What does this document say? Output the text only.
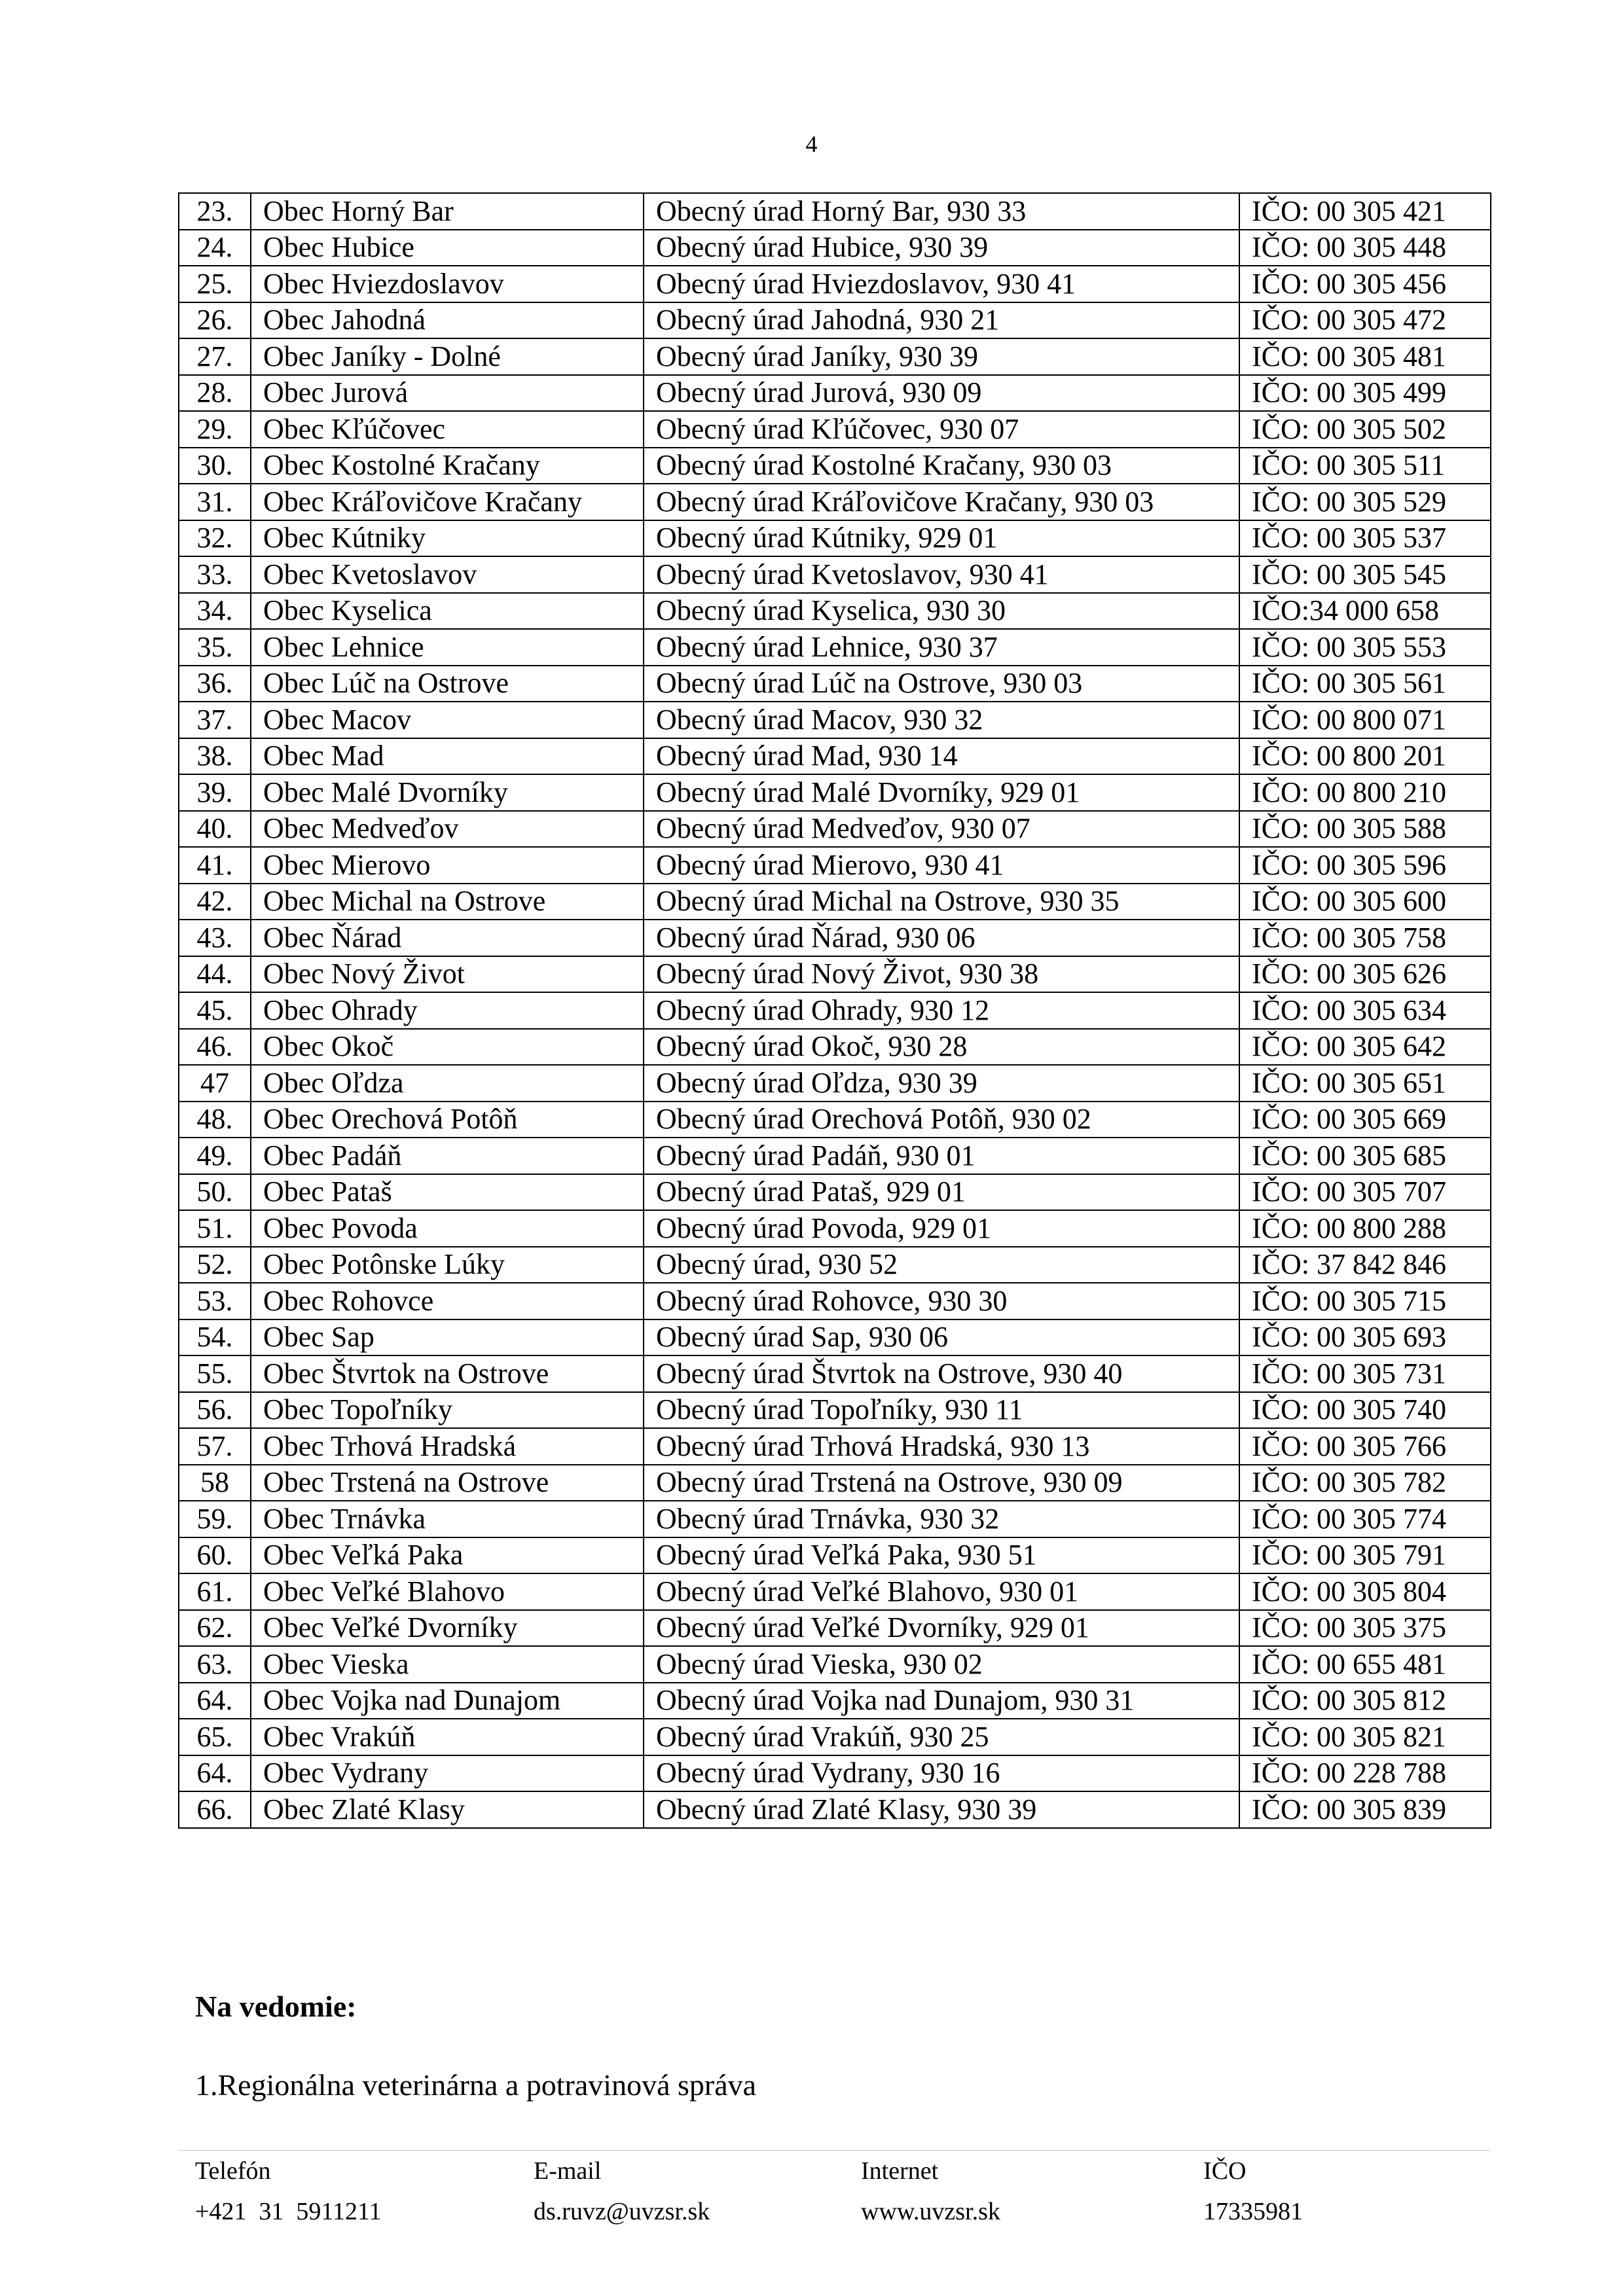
4
23.	Obec Horný Bar	Obecný úrad Horný Bar, 930 33	IČO: 00 305 421
24.	Obec Hubice	Obecný úrad Hubice, 930 39	IČO: 00 305 448
25.	Obec Hviezdoslavov	Obecný úrad Hviezdoslavov, 930 41	IČO: 00 305 456
26.	Obec Jahodná	Obecný úrad Jahodná, 930 21	IČO: 00 305 472
27.	Obec Janíky - Dolné	Obecný úrad Janíky, 930 39	IČO: 00 305 481
28.	Obec Jurová	Obecný úrad Jurová, 930 09	IČO: 00 305 499
29.	Obec Kľúčovec	Obecný úrad Kľúčovec, 930 07	IČO: 00 305 502
30.	Obec Kostolné Kračany	Obecný úrad Kostolné Kračany, 930 03	IČO: 00 305 511
31.	Obec Kráľovičove Kračany	Obecný úrad Kráľovičove Kračany, 930 03	IČO: 00 305 529
32.	Obec Kútniky	Obecný úrad Kútniky, 929 01	IČO: 00 305 537
33.	Obec Kvetoslavov	Obecný úrad Kvetoslavov, 930 41	IČO: 00 305 545
34.	Obec Kyselica	Obecný úrad Kyselica, 930 30	IČO:34 000 658
35.	Obec Lehnice	Obecný úrad Lehnice, 930 37	IČO: 00 305 553
36.	Obec Lúč na Ostrove	Obecný úrad Lúč na Ostrove, 930 03	IČO: 00 305 561
37.	Obec Macov	Obecný úrad Macov, 930 32	IČO: 00 800 071
38.	Obec Mad	Obecný úrad Mad, 930 14	IČO: 00 800 201
39.	Obec Malé Dvorníky	Obecný úrad Malé Dvorníky, 929 01	IČO: 00 800 210
40.	Obec Medveďov	Obecný úrad Medveďov, 930 07	IČO: 00 305 588
41.	Obec Mierovo	Obecný úrad Mierovo, 930 41	IČO: 00 305 596
42.	Obec Michal na Ostrove	Obecný úrad Michal na Ostrove, 930 35	IČO: 00 305 600
43.	Obec Ňárad	Obecný úrad Ňárad, 930 06	IČO: 00 305 758
44.	Obec Nový Život	Obecný úrad Nový Život, 930 38	IČO: 00 305 626
45.	Obec Ohrady	Obecný úrad Ohrady, 930 12	IČO: 00 305 634
46.	Obec Okoč	Obecný úrad Okoč, 930 28	IČO: 00 305 642
47	Obec Oľdza	Obecný úrad Oľdza, 930 39	IČO: 00 305 651
48.	Obec Orechová Potôň	Obecný úrad Orechová Potôň, 930 02	IČO: 00 305 669
49.	Obec Padáň	Obecný úrad Padáň, 930 01	IČO: 00 305 685
50.	Obec Pataš	Obecný úrad Pataš, 929 01	IČO: 00 305 707
51.	Obec Povoda	Obecný úrad Povoda, 929 01	IČO: 00 800 288
52.	Obec Potônske Lúky	Obecný úrad, 930 52	IČO: 37 842 846
53.	Obec Rohovce	Obecný úrad Rohovce, 930 30	IČO: 00 305 715
54.	Obec Sap	Obecný úrad Sap, 930 06	IČO: 00 305 693
55.	Obec Štvrtok na Ostrove	Obecný úrad Štvrtok na Ostrove, 930 40	IČO: 00 305 731
56.	Obec Topoľníky	Obecný úrad Topoľníky, 930 11	IČO: 00 305 740
57.	Obec Trhová Hradská	Obecný úrad Trhová Hradská, 930 13	IČO: 00 305 766
58	Obec Trstená na Ostrove	Obecný úrad Trstená na Ostrove, 930 09	IČO: 00 305 782
59.	Obec Trnávka	Obecný úrad Trnávka, 930 32	IČO: 00 305 774
60.	Obec Veľká Paka	Obecný úrad Veľká Paka, 930 51	IČO: 00 305 791
61.	Obec Veľké Blahovo	Obecný úrad Veľké Blahovo, 930 01	IČO: 00 305 804
62.	Obec Veľké Dvorníky	Obecný úrad Veľké Dvorníky, 929 01	IČO: 00 305 375
63.	Obec Vieska	Obecný úrad Vieska, 930 02	IČO: 00 655 481
64.	Obec Vojka nad Dunajom	Obecný úrad Vojka nad Dunajom, 930 31	IČO: 00 305 812
65.	Obec Vrakúň	Obecný úrad Vrakúň, 930 25	IČO: 00 305 821
64.	Obec Vydrany	Obecný úrad Vydrany, 930 16	IČO: 00 228 788
66.	Obec Zlaté Klasy	Obecný úrad Zlaté Klasy, 930 39	IČO: 00 305 839
Na vedomie:
1.Regionálna veterinárna a potravinová správa
Telefón
+421  31  5911211
E-mail
ds.ruvz@uvzsr.sk
Internet
www.uvzsr.sk
IČO
17335981
